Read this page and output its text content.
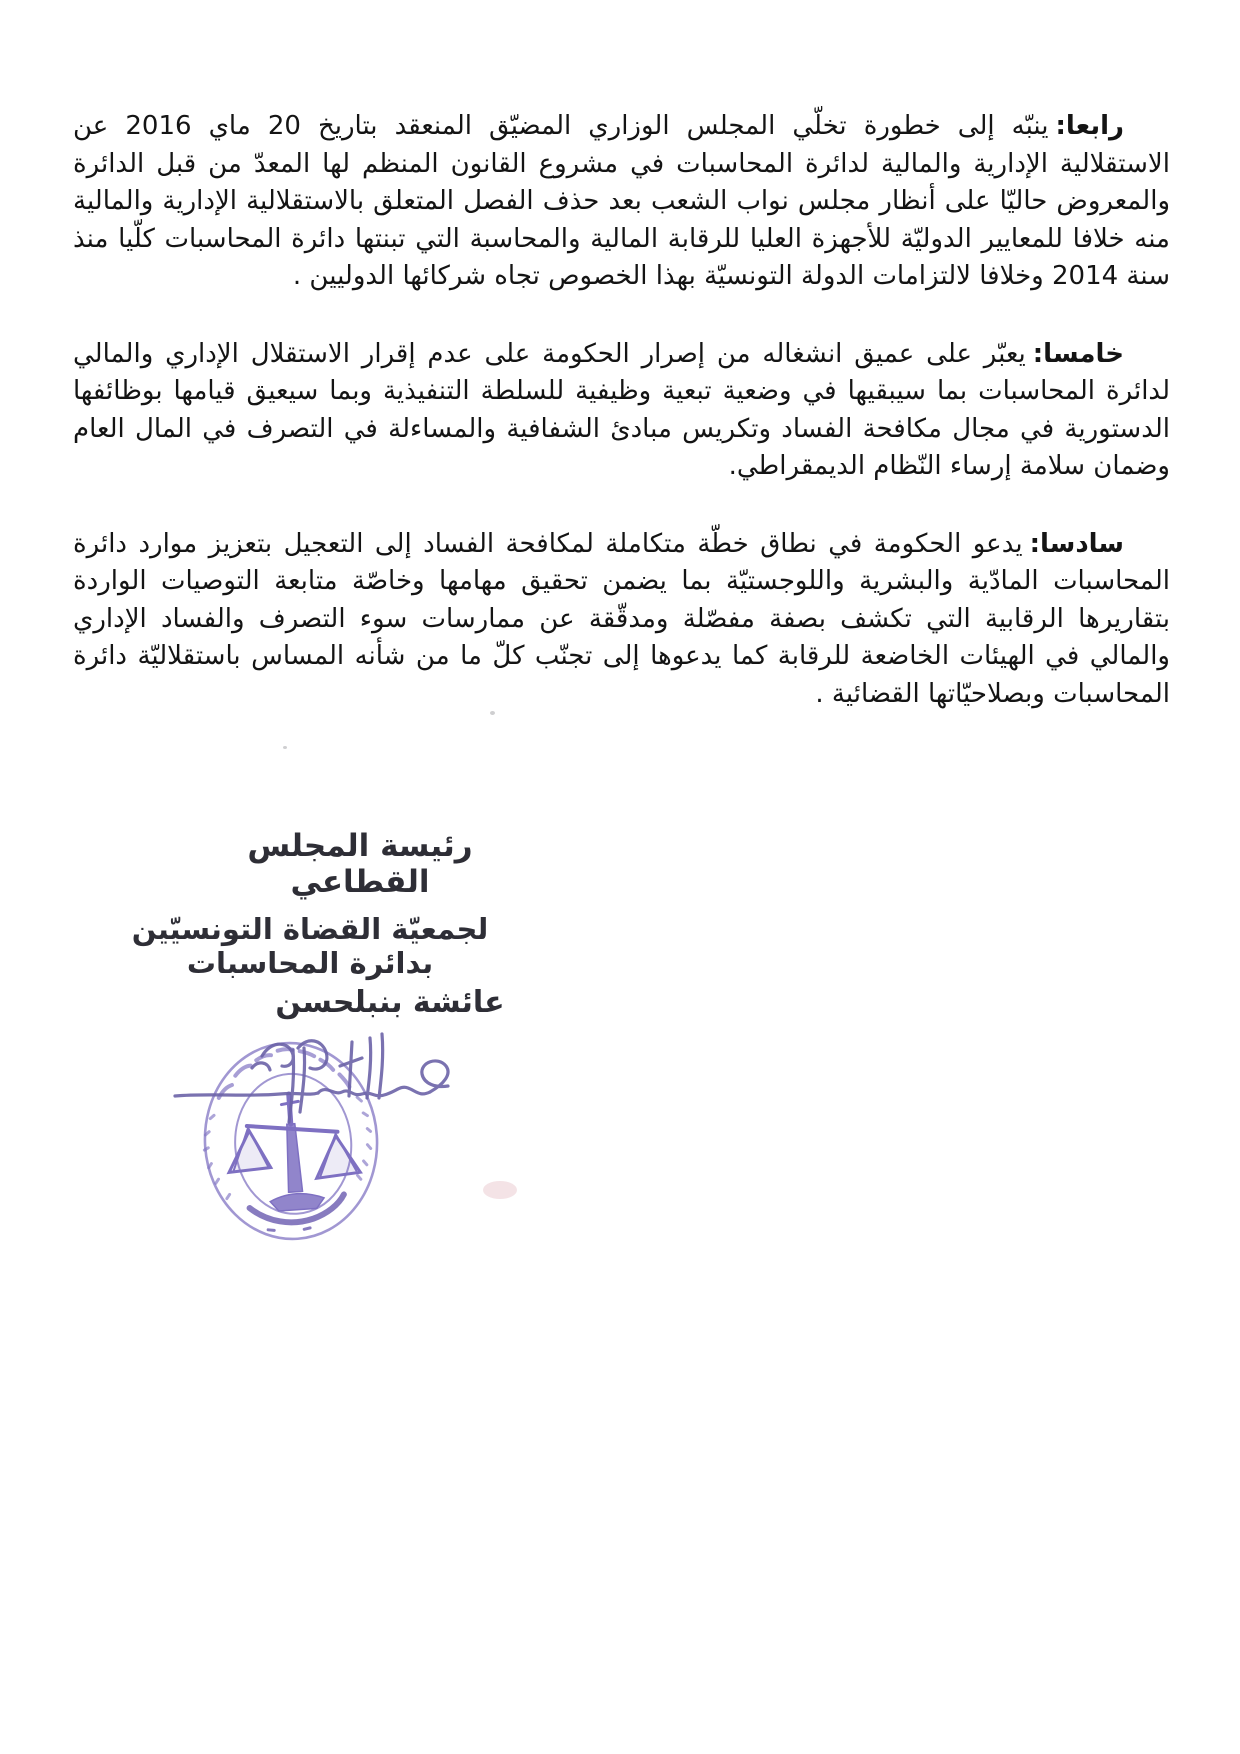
رابعا:ينبّه إلى خطورة تخلّي المجلس الوزاري المضيّق المنعقد بتاريخ 20 ماي 2016 عن الاستقلالية الإدارية والمالية لدائرة المحاسبات في مشروع القانون المنظم لها المعدّ من قبل الدائرة والمعروض حاليّا على أنظار مجلس نواب الشعب بعد حذف الفصل المتعلق بالاستقلالية الإدارية والمالية منه خلافا للمعايير الدوليّة للأجهزة العليا للرقابة المالية والمحاسبة التي تبنتها دائرة المحاسبات كلّيا منذ سنة 2014 وخلافا لالتزامات الدولة التونسيّة بهذا الخصوص تجاه شركائها الدوليين .

خامسا:يعبّر على عميق انشغاله من إصرار الحكومة على عدم إقرار الاستقلال الإداري والمالي لدائرة المحاسبات بما سيبقيها في وضعية تبعية وظيفية للسلطة التنفيذية وبما سيعيق قيامها بوظائفها الدستورية في مجال مكافحة الفساد وتكريس مبادئ الشفافية والمساءلة في التصرف في المال العام وضمان سلامة إرساء النّظام الديمقراطي.

سادسا:يدعو الحكومة في نطاق خطّة متكاملة لمكافحة الفساد إلى التعجيل بتعزيز موارد دائرة المحاسبات المادّية والبشرية واللوجستيّة بما يضمن تحقيق مهامها وخاصّة متابعة التوصيات الواردة بتقاريرها الرقابية التي تكشف بصفة مفصّلة ومدقّقة عن ممارسات سوء التصرف والفساد الإداري والمالي في الهيئات الخاضعة للرقابة كما يدعوها إلى تجنّب كلّ ما من شأنه المساس باستقلاليّة دائرة المحاسبات وبصلاحيّاتها القضائية .

رئيسة المجلس القطاعي
لجمعيّة القضاة التونسيّين بدائرة المحاسبات
عائشة بنبلحسن
